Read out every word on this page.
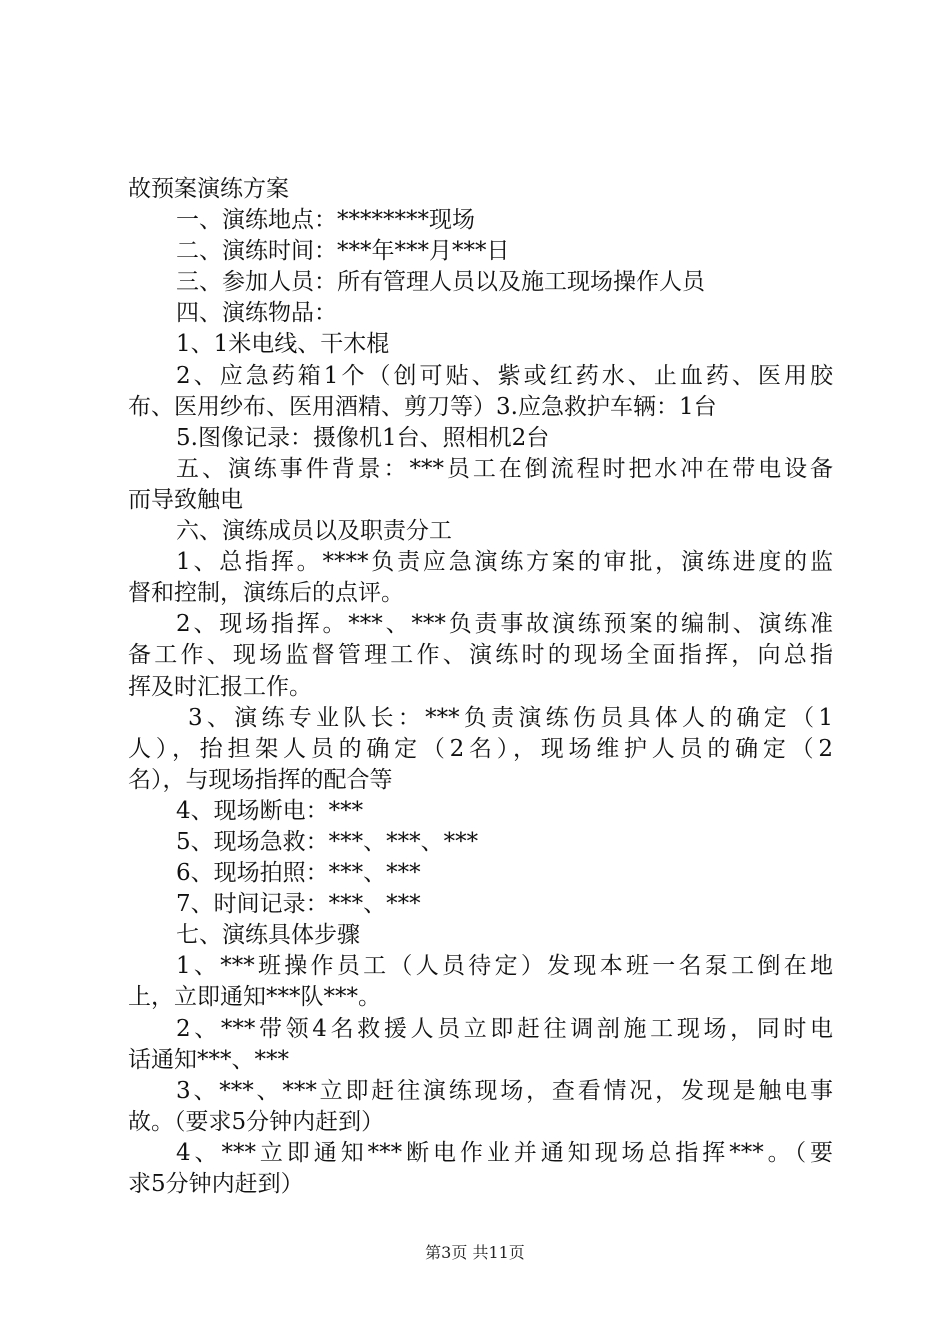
故预案演练方案
一、演练地点：********现场
二、演练时间：***年***月***日
三、参加人员：所有管理人员以及施工现场操作人员
四、演练物品：
1、1米电线、干木棍
2、应急药箱1个（创可贴、紫或红药水、止血药、医用胶
布、医用纱布、医用酒精、剪刀等）3.应急救护车辆：1台
5.图像记录：摄像机1台、照相机2台
五、演练事件背景：***员工在倒流程时把水冲在带电设备
而导致触电
六、演练成员以及职责分工
1、总指挥。****负责应急演练方案的审批，演练进度的监
督和控制，演练后的点评。
2、现场指挥。***、***负责事故演练预案的编制、演练准
备工作、现场监督管理工作、演练时的现场全面指挥，向总指
挥及时汇报工作。
3、演练专业队长：***负责演练伤员具体人的确定（1
人），抬担架人员的确定（2名），现场维护人员的确定（2
名），与现场指挥的配合等
4、现场断电：***
5、现场急救：***、***、***
6、现场拍照：***、***
7、时间记录：***、***
七、演练具体步骤
1、***班操作员工（人员待定）发现本班一名泵工倒在地
上，立即通知***队***。
2、***带领4名救援人员立即赶往调剖施工现场，同时电
话通知***、***
3、***、***立即赶往演练现场，查看情况，发现是触电事
故。（要求5分钟内赶到）
4、***立即通知***断电作业并通知现场总指挥***。（要
求5分钟内赶到）
第3页 共11页
